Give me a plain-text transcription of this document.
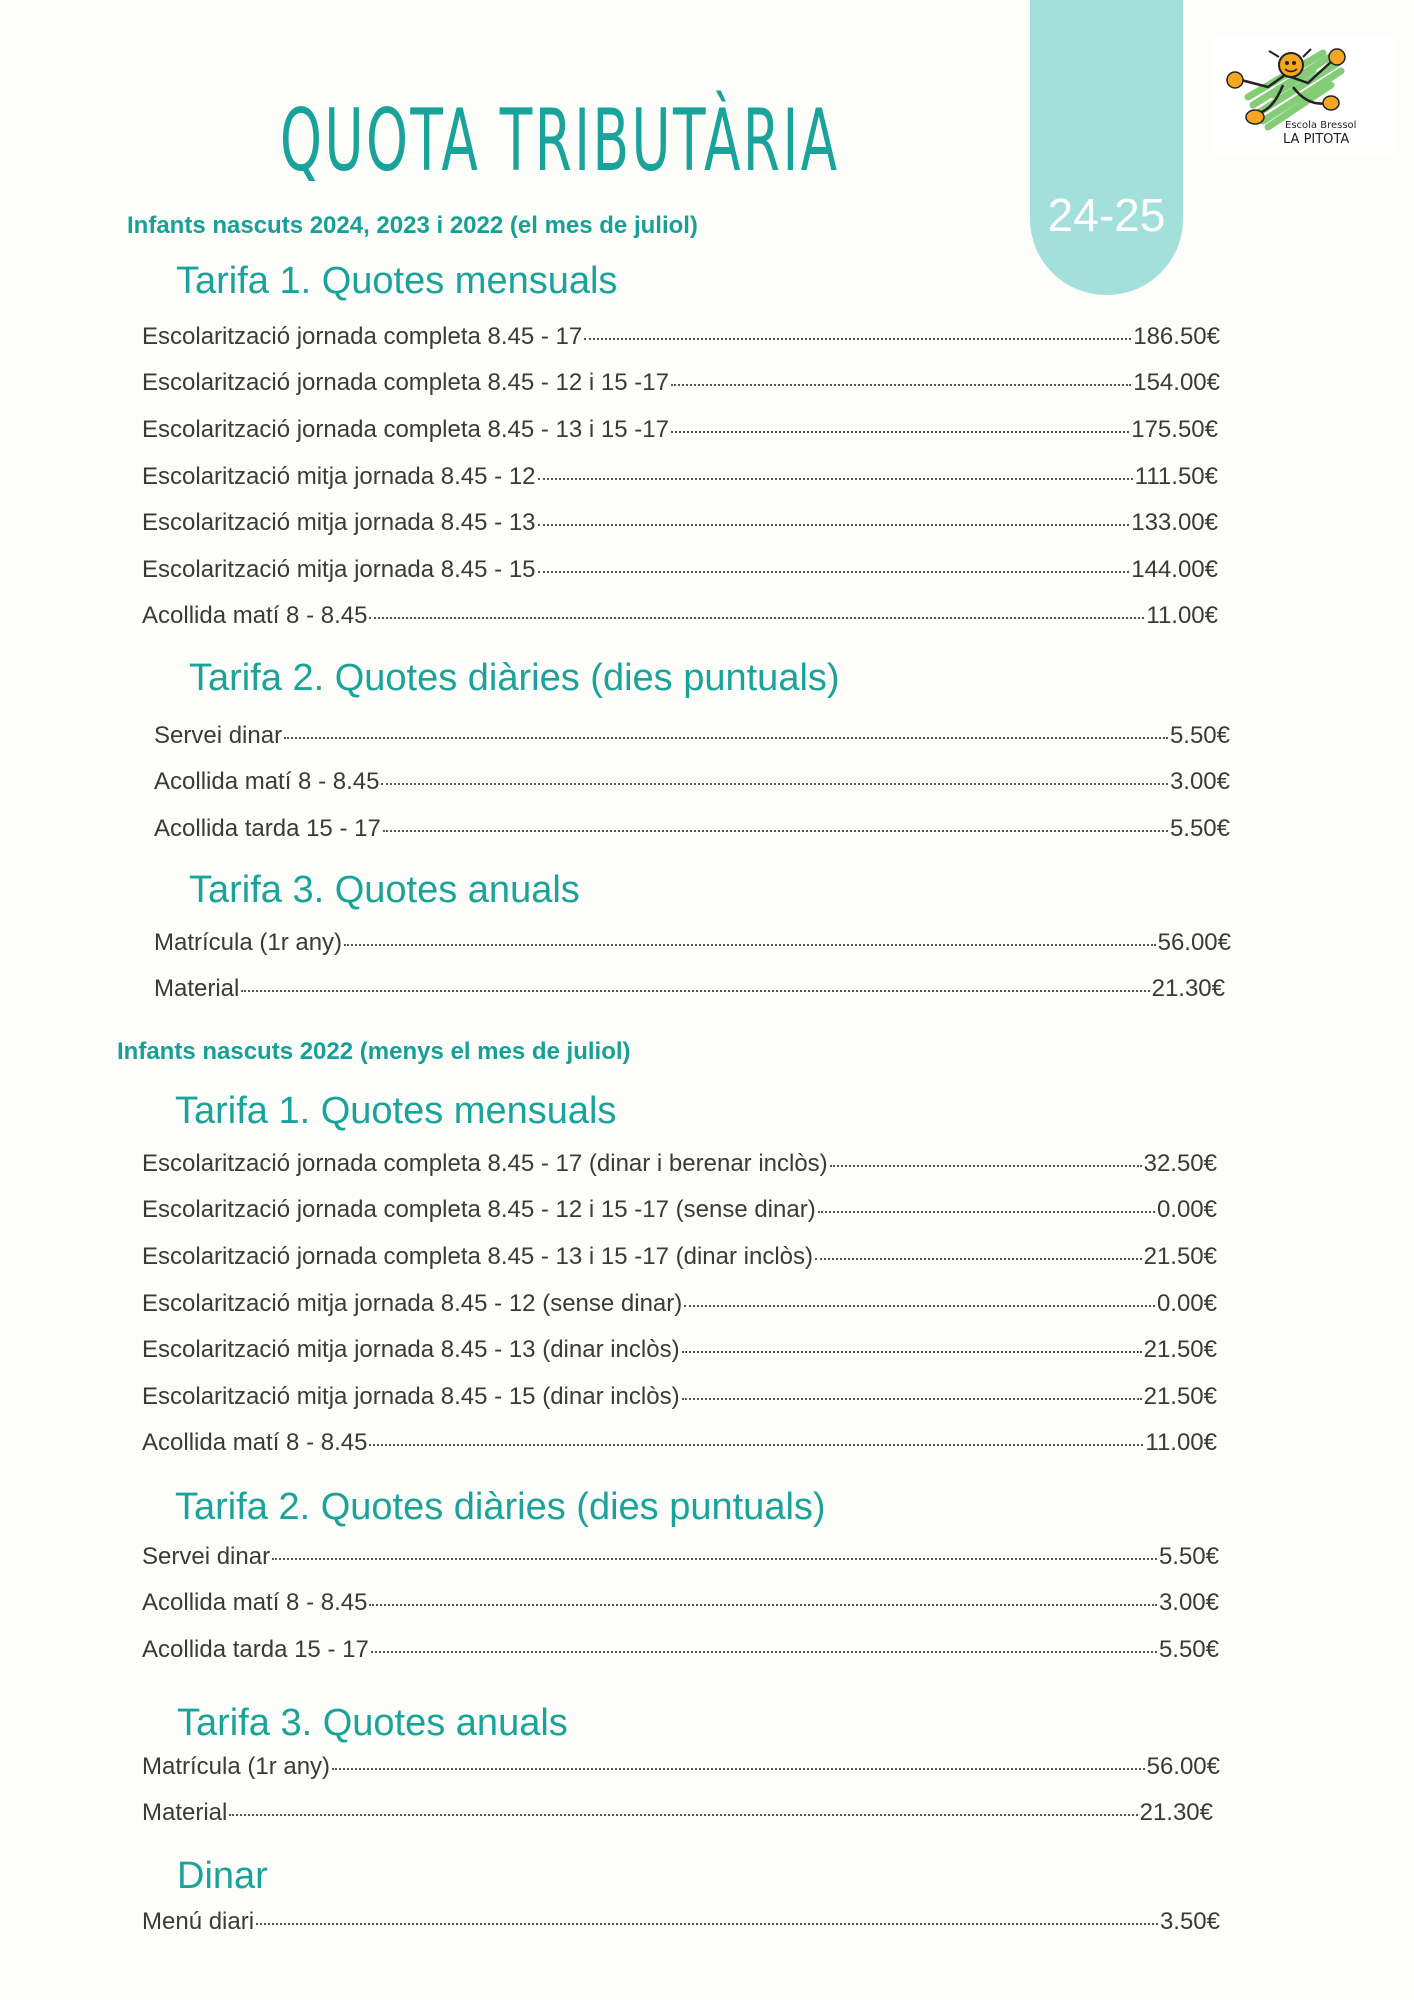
QUOTA TRIBUTÀRIA
24-25
Escola Bressol
LA PITOTA
Infants nascuts 2024, 2023 i 2022 (el mes de juliol)
Tarifa 1. Quotes mensuals
Escolarització jornada completa 8.45 - 17	186.50€
Escolarització jornada completa 8.45 - 12 i 15 -17	154.00€
Escolarització jornada completa 8.45 - 13 i 15 -17	175.50€
Escolarització mitja jornada 8.45 - 12	111.50€
Escolarització mitja jornada 8.45 - 13	133.00€
Escolarització mitja jornada 8.45 - 15	144.00€
Acollida matí 8 - 8.45	11.00€
Tarifa 2. Quotes diàries (dies puntuals)
Servei dinar	5.50€
Acollida matí 8 - 8.45	3.00€
Acollida tarda 15 - 17	5.50€
Tarifa 3. Quotes anuals
Matrícula (1r any)	56.00€
Material	21.30€
Infants nascuts 2022 (menys el mes de juliol)
Tarifa 1. Quotes mensuals
Escolarització jornada completa 8.45 - 17 (dinar i berenar inclòs)	32.50€
Escolarització jornada completa 8.45 - 12 i 15 -17 (sense dinar)	0.00€
Escolarització jornada completa 8.45 - 13 i 15 -17 (dinar inclòs)	21.50€
Escolarització mitja jornada 8.45 - 12 (sense dinar)	0.00€
Escolarització mitja jornada 8.45 - 13 (dinar inclòs)	21.50€
Escolarització mitja jornada 8.45 - 15 (dinar inclòs)	21.50€
Acollida matí 8 - 8.45	11.00€
Tarifa 2. Quotes diàries (dies puntuals)
Servei dinar	5.50€
Acollida matí 8 - 8.45	3.00€
Acollida tarda 15 - 17	5.50€
Tarifa 3. Quotes anuals
Matrícula (1r any)	56.00€
Material	21.30€
Dinar
Menú diari	3.50€
